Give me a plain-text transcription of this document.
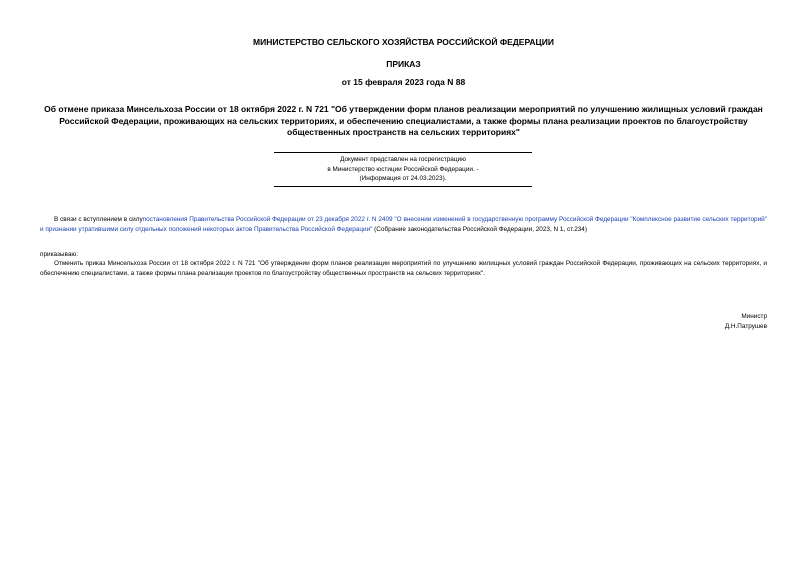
МИНИСТЕРСТВО СЕЛЬСКОГО ХОЗЯЙСТВА РОССИЙСКОЙ ФЕДЕРАЦИИ
ПРИКАЗ
от 15 февраля 2023 года N 88
Об отмене приказа Минсельхоза России от 18 октября 2022 г. N 721 "Об утверждении форм планов реализации мероприятий по улучшению жилищных условий граждан Российской Федерации, проживающих на сельских территориях, и обеспечению специалистами, а также формы плана реализации проектов по благоустройству общественных пространств на сельских территориях"
Документ представлен на госрегистрацию
в Министерство юстиции Российской Федерации. -
(Информация от 24.03.2023).
В связи с вступлением в силупостановления Правительства Российской Федерации от 23 декабря 2022 г. N 2409 "О внесении изменений в государственную программу Российской Федерации "Комплексное развитие сельских территорий" и признании утратившими силу отдельных положений некоторых актов Правительства Российской Федерации" (Собрание законодательства Российской Федерации, 2023, N 1, ст.234)
приказываю:
Отменить приказ Минсельхоза России от 18 октября 2022 г. N 721 "Об утверждении форм планов реализации мероприятий по улучшению жилищных условий граждан Российской Федерации, проживающих на сельских территориях, и обеспечению специалистами, а также формы плана реализации проектов по благоустройству общественных пространств на сельских территориях".
Министр
Д.Н.Патрушев
